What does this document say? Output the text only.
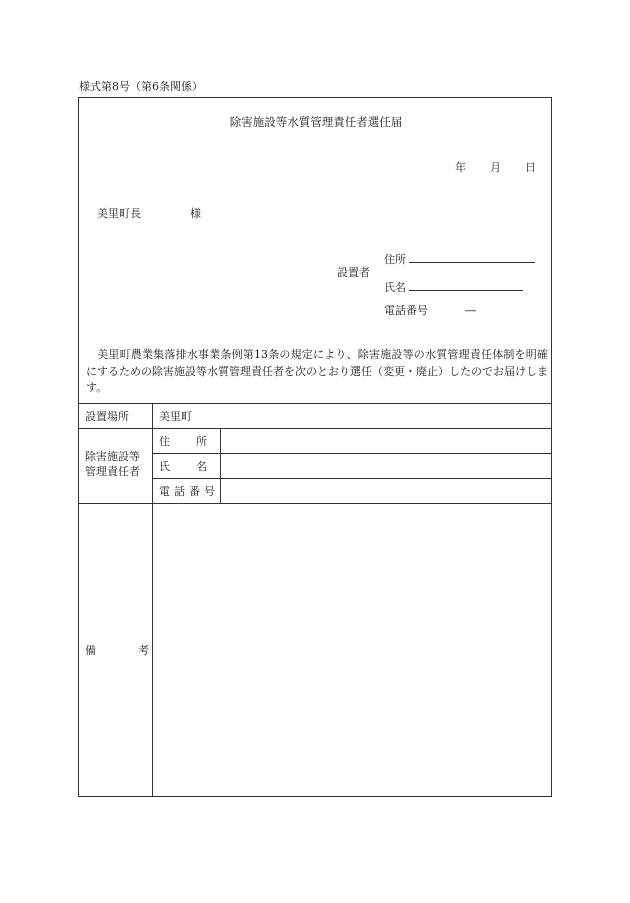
様式第8号（第6条関係）
除害施設等水質管理責任者選任届
年 月 日
美里町長	様
設置者
住所
氏名
電話番号	―
　美里町農業集落排水事業条例第13条の規定により、除害施設等の水質管理責任体制を明確にするための除害施設等水質管理責任者を次のとおり選任（変更・廃止）したのでお届けします。
設置場所	美里町
除害施設等
管理責任者
住所
氏名
電話番号
備	考
